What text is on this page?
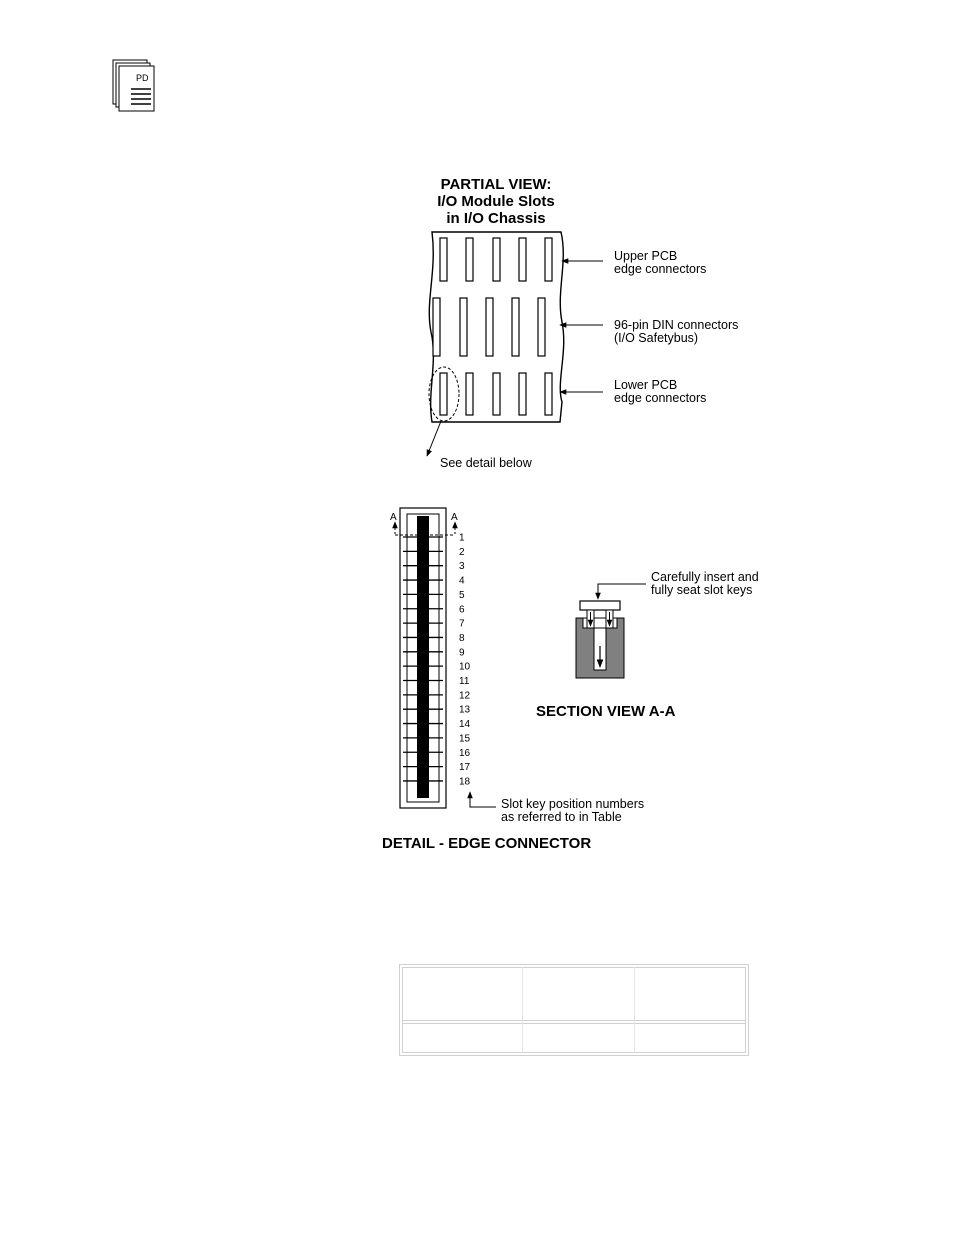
PD
PARTIAL VIEW:
I/O Module Slots
in I/O Chassis
See detail below
Upper PCB
edge connectors
96-pin DIN connectors
(I/O Safetybus)
Lower PCB
edge connectors
A	A
1
2
3
4
5
6
7
8
9
10
11
12
13
14
15
16
17
18
Slot key position numbers
as referred to in Table
DETAIL - EDGE CONNECTOR
Carefully insert and
fully seat slot keys
SECTION VIEW A-A
